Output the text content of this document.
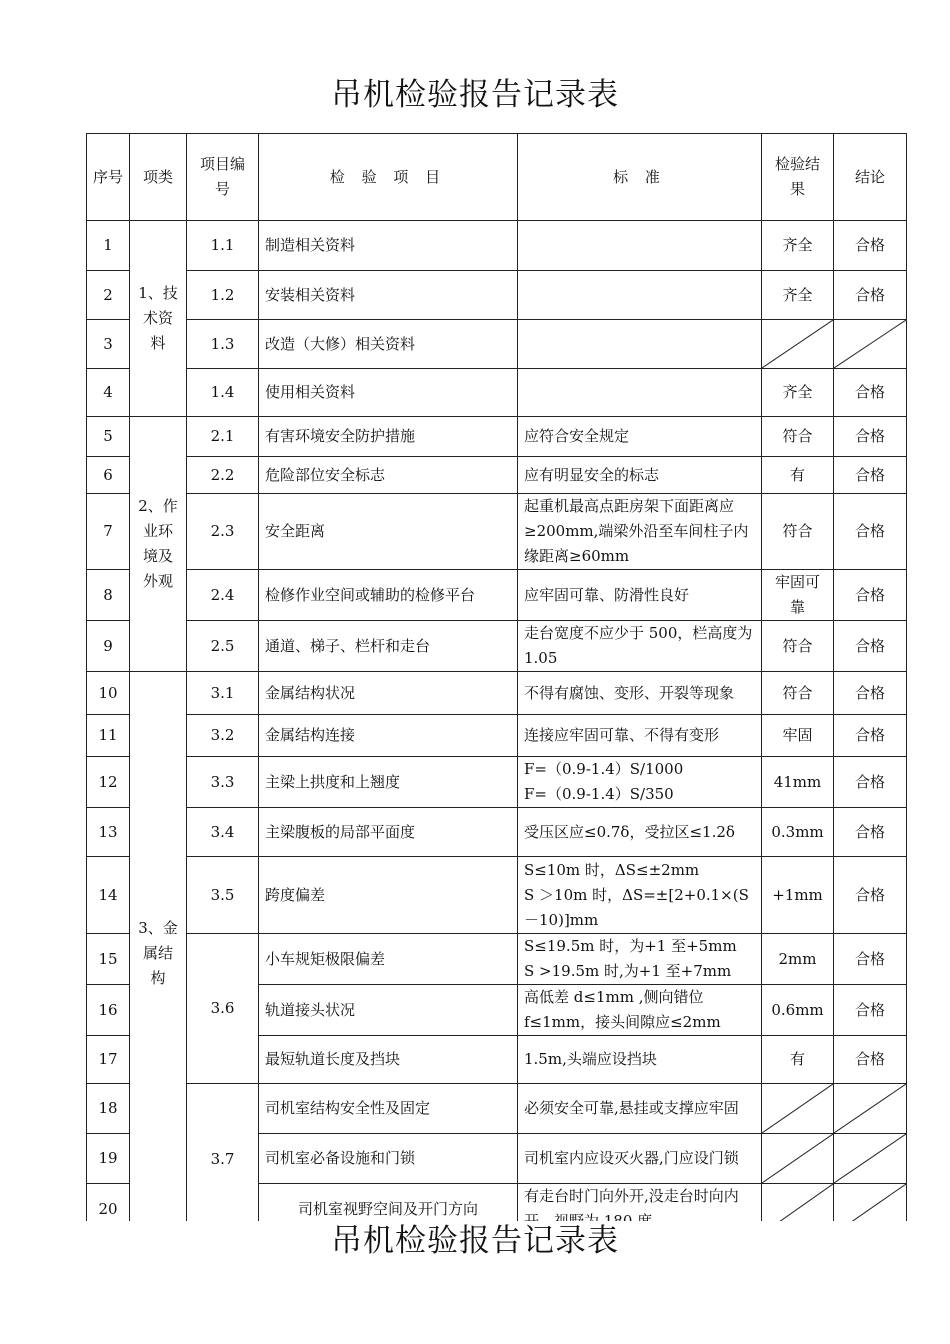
吊机检验报告记录表
序号	项类	项目编号	检 验 项 目	标 准	检验结果	结论
1	1、技术资料	1.1	制造相关资料		齐全	合格
2		1.2	安装相关资料		齐全	合格
3		1.3	改造（大修）相关资料		

4		1.4	使用相关资料		齐全	合格
5	2、作业环境及外观	2.1	有害环境安全防护措施	应符合安全规定	符合	合格
6		2.2	危险部位安全标志	应有明显安全的标志	有	合格
7		2.3	安全距离	起重机最高点距房架下面距离应≥200mm,端梁外沿至车间柱子内缘距离≥60mm	符合	合格
8		2.4	检修作业空间或辅助的检修平台	应牢固可靠、防滑性良好	牢固可靠	合格
9		2.5	通道、梯子、栏杆和走台	走台宽度不应少于 500，栏高度为 1.05	符合	合格
10	3、金属结构	3.1	金属结构状况	不得有腐蚀、变形、开裂等现象	符合	合格
11		3.2	金属结构连接	连接应牢固可靠、不得有变形	牢固	合格
12		3.3	主梁上拱度和上翘度	F=（0.9-1.4）S/1000
F=（0.9-1.4）S/350	41mm	合格
13		3.4	主梁腹板的局部平面度	受压区应≤0.7δ，受拉区≤1.2δ	0.3mm	合格
14		3.5	跨度偏差	S≤10m 时，ΔS≤±2mm
S ＞10m 时，ΔS=±[2+0.1×(S－10)]mm	+1mm	合格
15		3.6	小车规矩极限偏差	S≤19.5m 时，为+1 至+5mm
S >19.5m 时,为+1 至+7mm	2mm	合格
16			轨道接头状况	高低差 d≤1mm ,侧向错位 f≤1mm，接头间隙应≤2mm	0.6mm	合格
17			最短轨道长度及挡块	1.5m,头端应设挡块	有	合格
18		3.7	司机室结构安全性及固定	必须安全可靠,悬挂或支撑应牢固	

19			司机室必备设施和门锁	司机室内应设灭火器,门应设门锁	

20			司机室视野空间及开门方向	有走台时门向外开,没走台时向内	

吊机检验报告记录表
